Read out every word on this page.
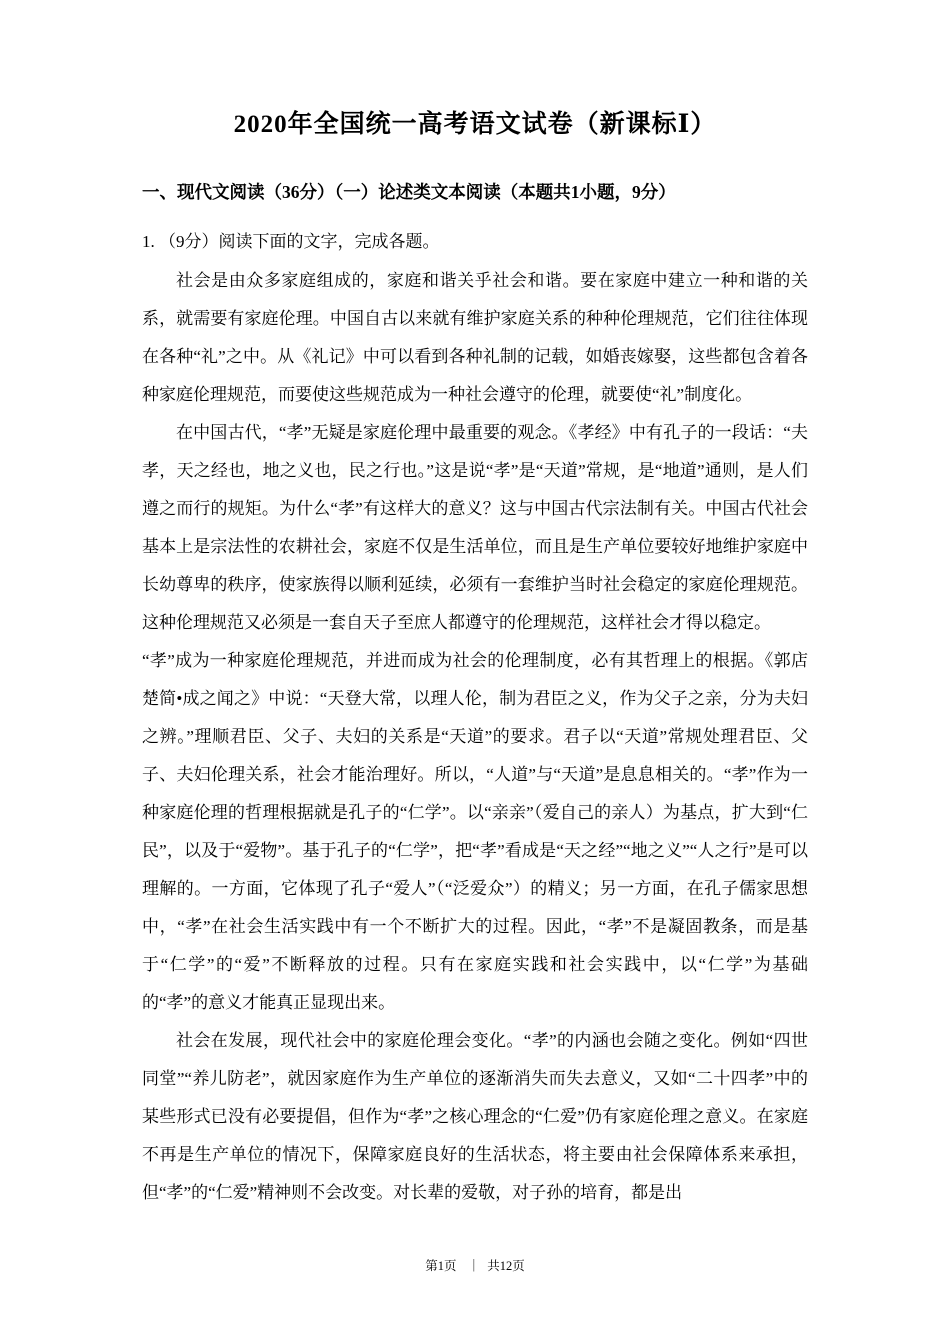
2020年全国统一高考语文试卷（新课标Ⅰ）
一、现代文阅读（36分）（一）论述类文本阅读（本题共1小题，9分）

1. （9分）阅读下面的文字，完成各题。

社会是由众多家庭组成的，家庭和谐关乎社会和谐。要在家庭中建立一种和谐的关系，就需要有家庭伦理。中国自古以来就有维护家庭关系的种种伦理规范，它们往往体现在各种“礼”之中。从《礼记》中可以看到各种礼制的记载，如婚丧嫁娶，这些都包含着各种家庭伦理规范，而要使这些规范成为一种社会遵守的伦理，就要使“礼”制度化。

在中国古代，“孝”无疑是家庭伦理中最重要的观念。《孝经》中有孔子的一段话：“夫孝，天之经也，地之义也，民之行也。”这是说“孝”是“天道”常规，是“地道”通则，是人们遵之而行的规矩。为什么“孝”有这样大的意义？这与中国古代宗法制有关。中国古代社会基本上是宗法性的农耕社会，家庭不仅是生活单位，而且是生产单位要较好地维护家庭中长幼尊卑的秩序，使家族得以顺利延续，必须有一套维护当时社会稳定的家庭伦理规范。这种伦理规范又必须是一套自天子至庶人都遵守的伦理规范，这样社会才得以稳定。

“孝”成为一种家庭伦理规范，并进而成为社会的伦理制度，必有其哲理上的根据。《郭店楚简•成之闻之》中说：“天登大常，以理人伦，制为君臣之义，作为父子之亲，分为夫妇之辨。”理顺君臣、父子、夫妇的关系是“天道”的要求。君子以“天道”常规处理君臣、父子、夫妇伦理关系，社会才能治理好。所以，“人道”与“天道”是息息相关的。“孝”作为一种家庭伦理的哲理根据就是孔子的“仁学”。以“亲亲”（爱自己的亲人）为基点，扩大到“仁民”，以及于“爱物”。基于孔子的“仁学”，把“孝”看成是“天之经”“地之义”“人之行”是可以理解的。一方面，它体现了孔子“爱人”（“泛爱众”）的精义；另一方面，在孔子儒家思想中，“孝”在社会生活实践中有一个不断扩大的过程。因此，“孝”不是凝固教条，而是基于“仁学”的“爱”不断释放的过程。只有在家庭实践和社会实践中，以“仁学”为基础的“孝”的意义才能真正显现出来。

社会在发展，现代社会中的家庭伦理会变化。“孝”的内涵也会随之变化。例如“四世同堂”“养儿防老”，就因家庭作为生产单位的逐渐消失而失去意义，又如“二十四孝”中的某些形式已没有必要提倡，但作为“孝”之核心理念的“仁爱”仍有家庭伦理之意义。在家庭不再是生产单位的情况下，保障家庭良好的生活状态，将主要由社会保障体系来承担，但“孝”的“仁爱”精神则不会改变。对长辈的爱敬，对子孙的培育，都是出

第1页 ｜ 共12页
